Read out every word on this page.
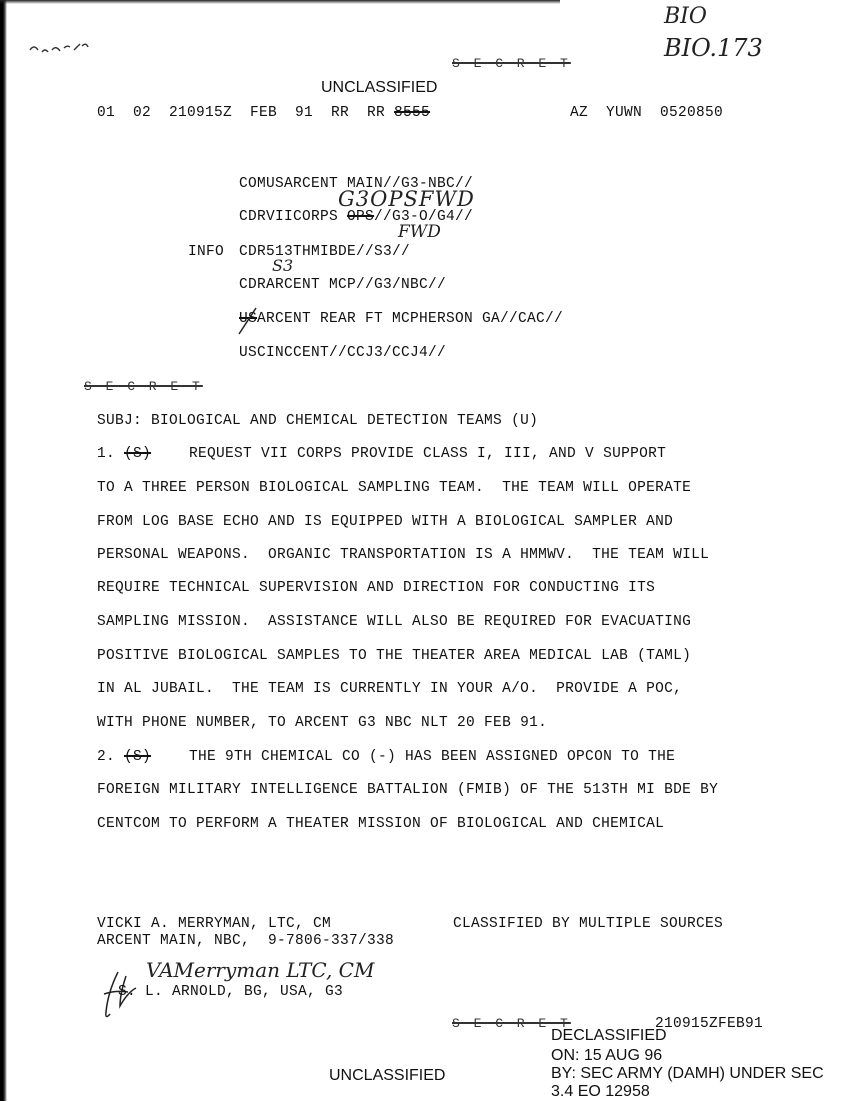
BIO
BIO.173
S E C R E T
UNCLASSIFIED
01  02  210915Z  FEB  91  RR  RR 8555	AZ  YUWN  0520850
COMUSARCENT MAIN//G3-NBC//
G3OPSFWD
CDRVIICORPS OPS//G3-O/G4//
FWD
INFO CDR513THMIBDE//S3//
S3
CDRARCENT MCP//G3/NBC//
USARCENT REAR FT MCPHERSON GA//CAC//
USCINCCENT//CCJ3/CCJ4//
S E C R E T
SUBJ: BIOLOGICAL AND CHEMICAL DETECTION TEAMS (U)
1. (S)	REQUEST VII CORPS PROVIDE CLASS I, III, AND V SUPPORT
TO A THREE PERSON BIOLOGICAL SAMPLING TEAM.  THE TEAM WILL OPERATE
FROM LOG BASE ECHO AND IS EQUIPPED WITH A BIOLOGICAL SAMPLER AND
PERSONAL WEAPONS.  ORGANIC TRANSPORTATION IS A HMMWV.  THE TEAM WILL
REQUIRE TECHNICAL SUPERVISION AND DIRECTION FOR CONDUCTING ITS
SAMPLING MISSION.  ASSISTANCE WILL ALSO BE REQUIRED FOR EVACUATING
POSITIVE BIOLOGICAL SAMPLES TO THE THEATER AREA MEDICAL LAB (TAML)
IN AL JUBAIL.  THE TEAM IS CURRENTLY IN YOUR A/O.  PROVIDE A POC,
WITH PHONE NUMBER, TO ARCENT G3 NBC NLT 20 FEB 91.
2. (S)	THE 9TH CHEMICAL CO (-) HAS BEEN ASSIGNED OPCON TO THE
FOREIGN MILITARY INTELLIGENCE BATTALION (FMIB) OF THE 513TH MI BDE BY
CENTCOM TO PERFORM A THEATER MISSION OF BIOLOGICAL AND CHEMICAL
VICKI A. MERRYMAN, LTC, CM
ARCENT MAIN, NBC,  9-7806-337/338
CLASSIFIED BY MULTIPLE SOURCES
VAMerryman LTC, CM
S. L. ARNOLD, BG, USA, G3
S E C R E T	210915ZFEB91
UNCLASSIFIED
DECLASSIFIED
ON: 15 AUG 96
BY: SEC ARMY (DAMH) UNDER SEC
3.4 EO 12958
